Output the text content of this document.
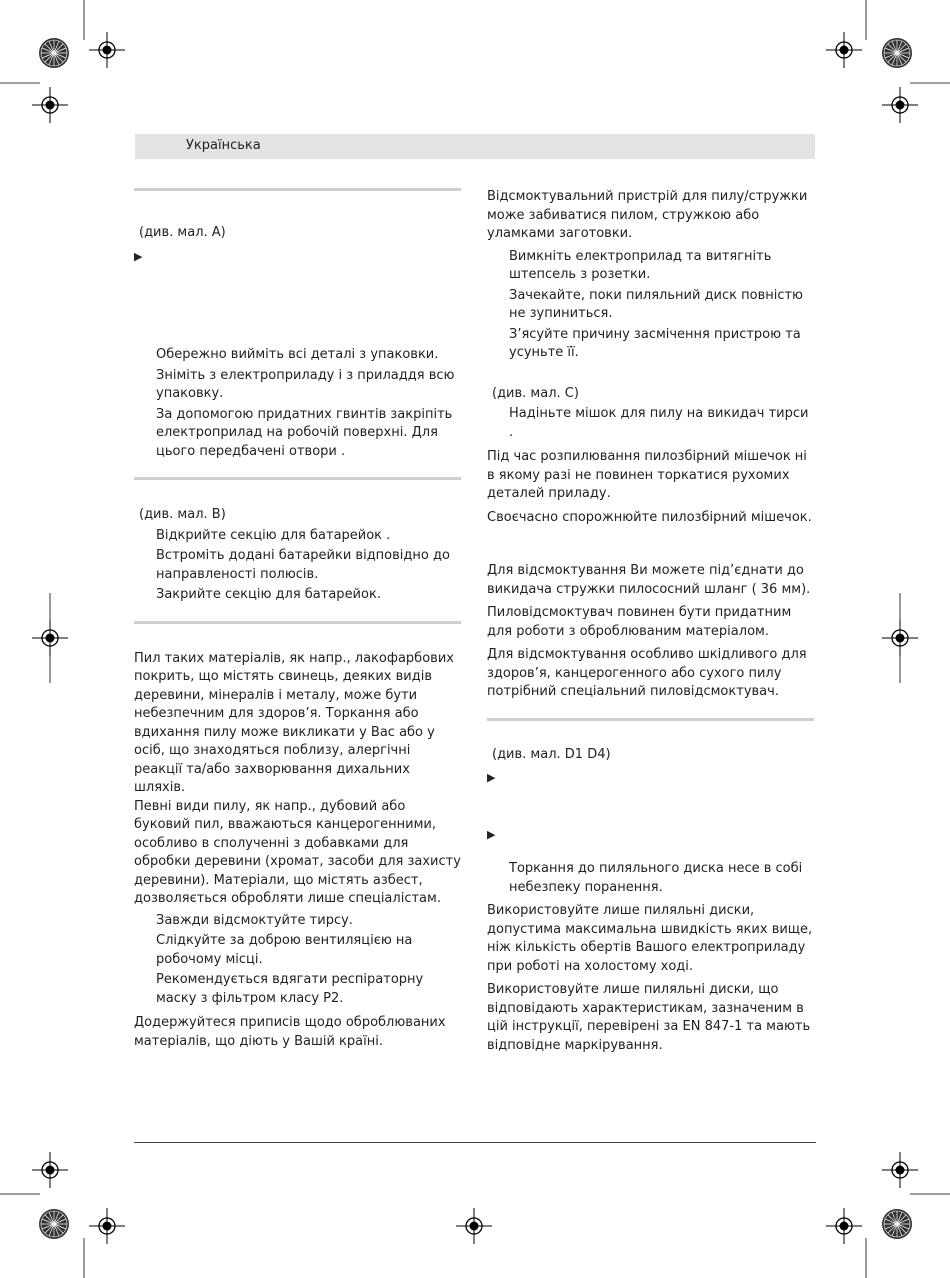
Українська

(див. мал. A)

▶

Обережно вийміть всі деталі з упаковки.

Зніміть з електроприладу і з приладдя всю упаковку.

За допомогою придатних гвинтів закріпіть електроприлад на робочій поверхні. Для цього передбачені отвори .

(див. мал. B)

Відкрийте секцію для батарейок .

Встроміть додані батарейки відповідно до направленості полюсів.

Закрийте секцію для батарейок.

Пил таких матеріалів, як напр., лакофарбових покрить, що містять свинець, деяких видів деревини, мінералів і металу, може бути небезпечним для здоров’я. Торкання або вдихання пилу може викликати у Вас або у осіб, що знаходяться поблизу, алергічні реакції та/або захворювання дихальних шляхів.

Певні види пилу, як напр., дубовий або буковий пил, вважаються канцерогенними, особливо в сполученні з добавками для обробки деревини (хромат, засоби для захисту деревини). Матеріали, що містять азбест, дозволяється обробляти лише спеціалістам.

Завжди відсмоктуйте тирсу.

Слідкуйте за доброю вентиляцією на робочому місці.

Рекомендується вдягати респіраторну маску з фільтром класу P2.

Додержуйтеся приписів щодо оброблюваних матеріалів, що діють у Вашій країні.

Відсмоктувальний пристрій для пилу/стружки може забиватися пилом, стружкою або уламками заготовки.

Вимкніть електроприлад та витягніть штепсель з розетки.

Зачекайте, поки пиляльний диск повністю не зупиниться.

З’ясуйте причину засмічення пристрою та усуньте її.

(див. мал. C)

Надіньте мішок для пилу на викидач тирси .

Під час розпилювання пилозбірний мішечок ні в якому разі не повинен торкатися рухомих деталей приладу.

Своєчасно спорожнюйте пилозбірний мішечок.

Для відсмоктування Ви можете під’єднати до викидача стружки пилососний шланг ( 36 мм).

Пиловідсмоктувач повинен бути придатним для роботи з оброблюваним матеріалом.

Для відсмоктування особливо шкідливого для здоров’я, канцерогенного або сухого пилу потрібний спеціальний пиловідсмоктувач.

(див. мал. D1 D4)

▶

▶

Торкання до пиляльного диска несе в собі небезпеку поранення.

Використовуйте лише пиляльні диски, допустима максимальна швидкість яких вище, ніж кількість обертів Вашого електроприладу при роботі на холостому ході.

Використовуйте лише пиляльні диски, що відповідають характеристикам, зазначеним в цій інструкції, перевірені за EN 847-1 та мають відповідне маркірування.
